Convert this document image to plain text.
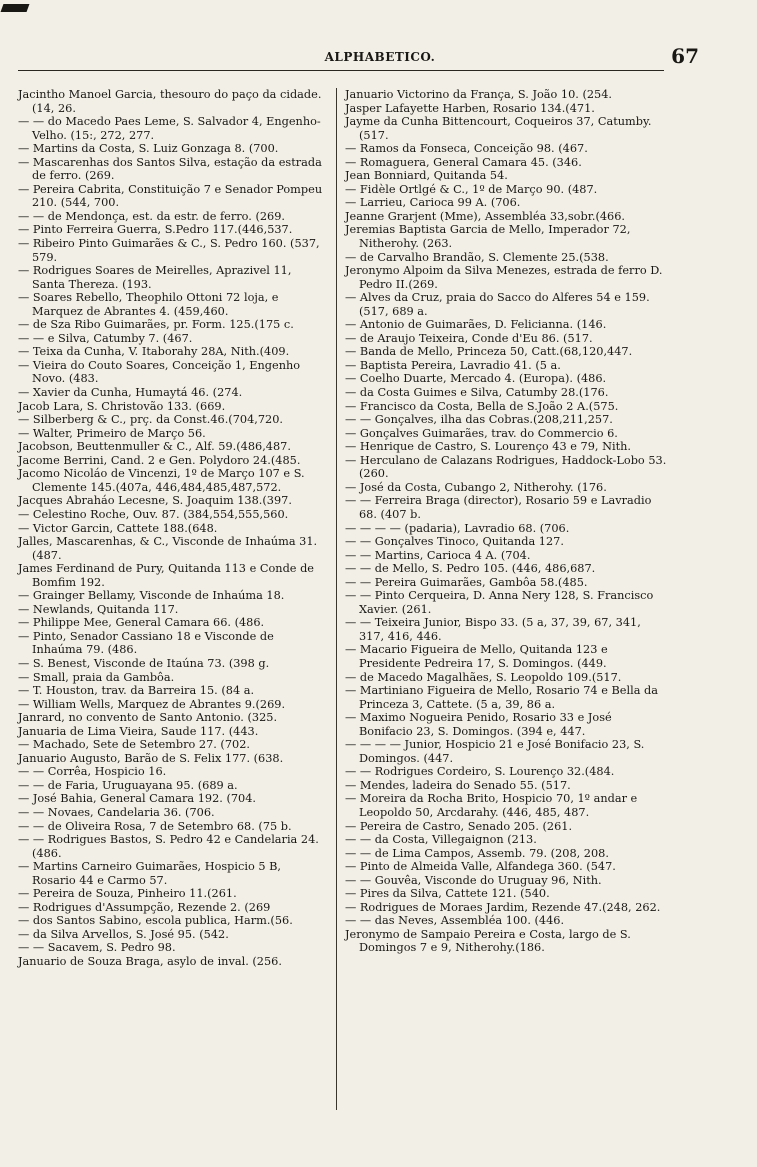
ALPHABETICO.	67

Jacintho Manoel Garcia, thesouro do paço da cidade. (14, 26.

— — do Macedo Paes Leme, S. Salvador 4, Engenho-Velho. (15:, 272, 277.

— Martins da Costa, S. Luiz Gonzaga 8. (700.

— Mascarenhas dos Santos Silva, estação da estrada de ferro. (269.

— Pereira Cabrita, Constituição 7 e Senador Pompeu 210. (544, 700.

— — de Mendonça, est. da estr. de ferro. (269.

— Pinto Ferreira Guerra, S.Pedro 117.(446,537.

— Ribeiro Pinto Guimarães & C., S. Pedro 160. (537, 579.

— Rodrigues Soares de Meirelles, Aprazivel 11, Santa Thereza. (193.

— Soares Rebello, Theophilo Ottoni 72 loja, e Marquez de Abrantes 4. (459,460.

— de Sza Ribo Guimarães, pr. Form. 125.(175 c.

— — e Silva, Catumby 7. (467.

— Teixa da Cunha, V. Itaborahy 28A, Nith.(409.

— Vieira do Couto Soares, Conceição 1, Engenho Novo. (483.

— Xavier da Cunha, Humaytá 46. (274.

Jacob Lara, S. Christovão 133. (669.

— Silberberg & C., prç. da Const.46.(704,720.

— Walter, Primeiro de Março 56.

Jacobson, Beuttenmuller & C., Alf. 59.(486,487.

Jacome Berrini, Cand. 2 e Gen. Polydoro 24.(485.

Jacomo Nicoláo de Vincenzi, 1º de Março 107 e S. Clemente 145.(407a, 446,484,485,487,572.

Jacques Abraháo Lecesne, S. Joaquim 138.(397.

— Celestino Roche, Ouv. 87. (384,554,555,560.

— Victor Garcin, Cattete 188.(648.

Jalles, Mascarenhas, & C., Visconde de Inhaúma 31. (487.

James Ferdinand de Pury, Quitanda 113 e Conde de Bomfim 192.

— Grainger Bellamy, Visconde de Inhaúma 18.

— Newlands, Quitanda 117.

— Philippe Mee, General Camara 66. (486.

— Pinto, Senador Cassiano 18 e Visconde de Inhaúma 79. (486.

— S. Benest, Visconde de Itaúna 73. (398 g.

— Small, praia da Gambôa.

— T. Houston, trav. da Barreira 15. (84 a.

— William Wells, Marquez de Abrantes 9.(269.

Janrard, no convento de Santo Antonio. (325.

Januaria de Lima Vieira, Saude 117. (443.

— Machado, Sete de Setembro 27. (702.

Januario Augusto, Barão de S. Felix 177. (638.

— — Corrêa, Hospicio 16.

— — de Faria, Uruguayana 95. (689 a.

— José Bahia, General Camara 192. (704.

— — Novaes, Candelaria 36. (706.

— — de Oliveira Rosa, 7 de Setembro 68. (75 b.

— — Rodrigues Bastos, S. Pedro 42 e Candelaria 24. (486.

— Martins Carneiro Guimarães, Hospicio 5 B, Rosario 44 e Carmo 57.

— Pereira de Souza, Pinheiro 11.(261.

— Rodrigues d'Assumpção, Rezende 2. (269

— dos Santos Sabino, escola publica, Harm.(56.

— da Silva Arvellos, S. José 95. (542.

— — Sacavem, S. Pedro 98.

Januario de Souza Braga, asylo de inval. (256.

Januario Victorino da França, S. João 10. (254.

Jasper Lafayette Harben, Rosario 134.(471.

Jayme da Cunha Bittencourt, Coqueiros 37, Catumby. (517.

— Ramos da Fonseca, Conceição 98. (467.

— Romaguera, General Camara 45. (346.

Jean Bonniard, Quitanda 54.

— Fidèle Ortlgé & C., 1º de Março 90. (487.

— Larrieu, Carioca 99 A. (706.

Jeanne Grarjent (Mme), Assembléa 33,sobr.(466.

Jeremias Baptista Garcia de Mello, Imperador 72, Nitherohy. (263.

— de Carvalho Brandão, S. Clemente 25.(538.

Jeronymo Alpoim da Silva Menezes, estrada de ferro D. Pedro II.(269.

— Alves da Cruz, praia do Sacco do Alferes 54 e 159. (517, 689 a.

— Antonio de Guimarães, D. Felicianna. (146.

— de Araujo Teixeira, Conde d'Eu 86. (517.

— Banda de Mello, Princeza 50, Catt.(68,120,447.

— Baptista Pereira, Lavradio 41. (5 a.

— Coelho Duarte, Mercado 4. (Europa). (486.

— da Costa Guimes e Silva, Catumby 28.(176.

— Francisco da Costa, Bella de S.João 2 A.(575.

— — Gonçalves, ilha das Cobras.(208,211,257.

— Gonçalves Guimarães, trav. do Commercio 6.

— Henrique de Castro, S. Lourenço 43 e 79, Nith.

— Herculano de Calazans Rodrigues, Haddock-Lobo 53. (260.

— José da Costa, Cubango 2, Nitherohy. (176.

— — Ferreira Braga (director), Rosario 59 e Lavradio 68. (407 b.

— — — — (padaria), Lavradio 68. (706.

— — Gonçalves Tinoco, Quitanda 127.

— — Martins, Carioca 4 A. (704.

— — de Mello, S. Pedro 105. (446, 486,687.

— — Pereira Guimarães, Gambôa 58.(485.

— — Pinto Cerqueira, D. Anna Nery 128, S. Francisco Xavier. (261.

— — Teixeira Junior, Bispo 33. (5 a, 37, 39, 67, 341, 317, 416, 446.

— Macario Figueira de Mello, Quitanda 123 e Presidente Pedreira 17, S. Domingos. (449.

— de Macedo Magalhães, S. Leopoldo 109.(517.

— Martiniano Figueira de Mello, Rosario 74 e Bella da Princeza 3, Cattete. (5 a, 39, 86 a.

— Maximo Nogueira Penido, Rosario 33 e José Bonifacio 23, S. Domingos. (394 e, 447.

— — — — Junior, Hospicio 21 e José Bonifacio 23, S. Domingos. (447.

— — Rodrigues Cordeiro, S. Lourenço 32.(484.

— Mendes, ladeira do Senado 55. (517.

— Moreira da Rocha Brito, Hospicio 70, 1º andar e Leopoldo 50, Arcdarahy. (446, 485, 487.

— Pereira de Castro, Senado 205. (261.

— — da Costa, Villegaignon (213.

— — de Lima Campos, Assemb. 79. (208, 208.

— Pinto de Almeida Valle, Alfandega 360. (547.

— — Gouvêa, Visconde do Uruguay 96, Nith.

— Pires da Silva, Cattete 121. (540.

— Rodrigues de Moraes Jardim, Rezende 47.(248, 262.

— — das Neves, Assembléa 100. (446.

Jeronymo de Sampaio Pereira e Costa, largo de S. Domingos 7 e 9, Nitherohy.(186.
